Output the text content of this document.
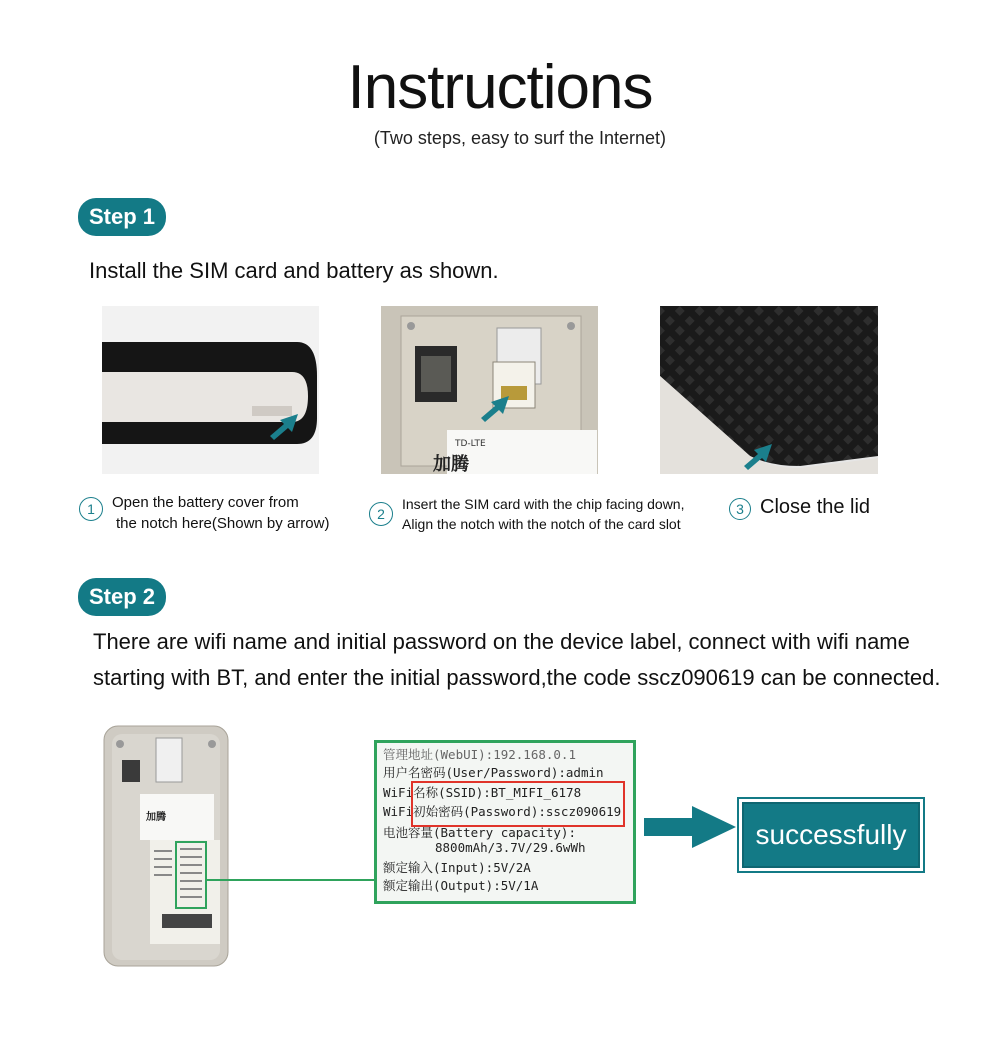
Instructions
(Two steps, easy to surf the Internet)
Step 1
Install the SIM card and battery as shown.
TD-LTE
加腾
1	Open the battery cover from
the notch here(Shown by arrow)
2
Insert the SIM card with the chip facing down,
Align the notch with the notch of the card slot
3 Close the lid
Step 2
There are wifi name and initial password on the device label, connect with wifi name
starting with BT, and enter the initial password,the code sscz090619 can be connected.
加腾
管理地址(WebUI):192.168.0.1
用户名密码(User/Password):admin
WiFi名称(SSID):BT_MIFI_6178
WiFi初始密码(Password):sscz090619
电池容量(Battery capacity):
8800mAh/3.7V/29.6wWh
额定输入(Input):5V/2A
额定输出(Output):5V/1A
successfully
